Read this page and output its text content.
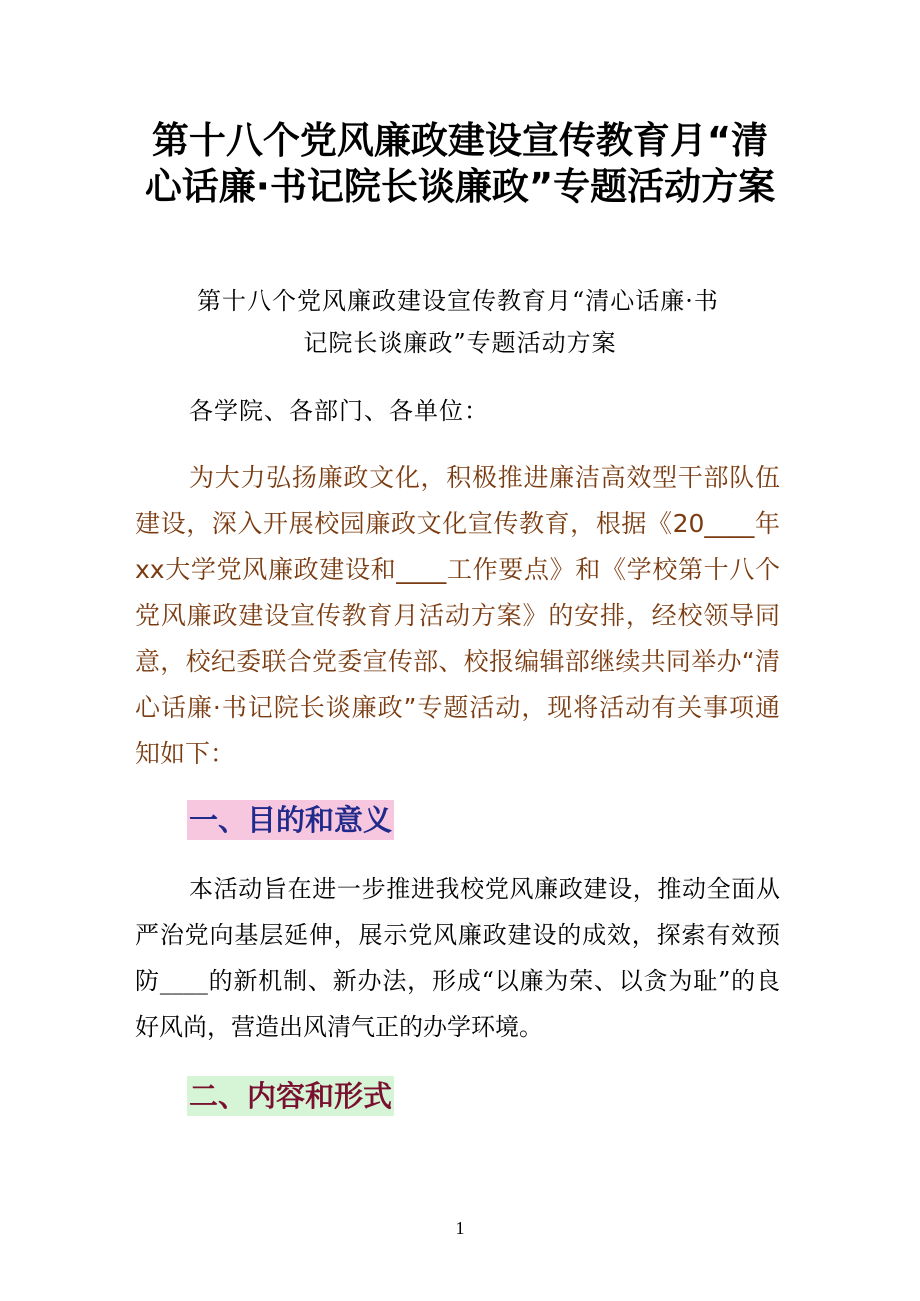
第十八个党风廉政建设宣传教育月“清心话廉·书记院长谈廉政”专题活动方案

第十八个党风廉政建设宣传教育月“清心话廉·书
记院长谈廉政”专题活动方案

各学院、各部门、各单位：

为大力弘扬廉政文化，积极推进廉洁高效型干部队伍建设，深入开展校园廉政文化宣传教育，根据《20____年xx大学党风廉政建设和____工作要点》和《学校第十八个党风廉政建设宣传教育月活动方案》的安排，经校领导同意，校纪委联合党委宣传部、校报编辑部继续共同举办“清心话廉·书记院长谈廉政”专题活动，现将活动有关事项通知如下：

一、目的和意义

本活动旨在进一步推进我校党风廉政建设，推动全面从严治党向基层延伸，展示党风廉政建设的成效，探索有效预防____的新机制、新办法，形成“以廉为荣、以贪为耻”的良好风尚，营造出风清气正的办学环境。

二、内容和形式

1
